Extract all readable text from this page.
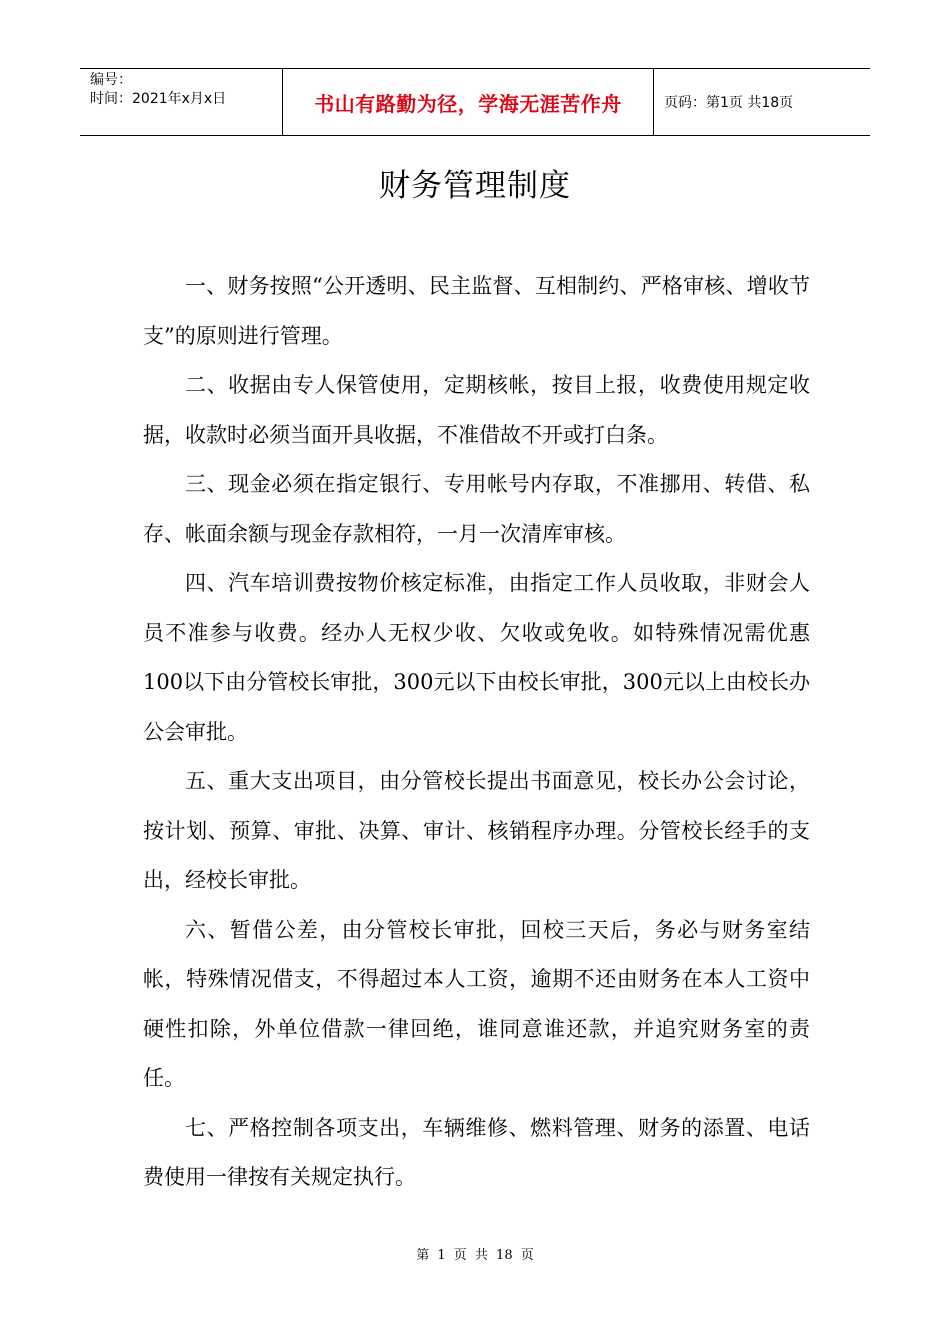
编号：
时间：2021年x月x日	书山有路勤为径，学海无涯苦作舟	页码：第1页 共18页
财务管理制度

一、财务按照“公开透明、民主监督、互相制约、严格审核、增收节支”的原则进行管理。

二、收据由专人保管使用，定期核帐，按目上报，收费使用规定收据，收款时必须当面开具收据，不准借故不开或打白条。

三、现金必须在指定银行、专用帐号内存取，不准挪用、转借、私存、帐面余额与现金存款相符，一月一次清库审核。

四、汽车培训费按物价核定标准，由指定工作人员收取，非财会人员不准参与收费。经办人无权少收、欠收或免收。如特殊情况需优惠100以下由分管校长审批，300元以下由校长审批，300元以上由校长办公会审批。

五、重大支出项目，由分管校长提出书面意见，校长办公会讨论，按计划、预算、审批、决算、审计、核销程序办理。分管校长经手的支出，经校长审批。

六、暂借公差，由分管校长审批，回校三天后，务必与财务室结帐，特殊情况借支，不得超过本人工资，逾期不还由财务在本人工资中硬性扣除，外单位借款一律回绝，谁同意谁还款，并追究财务室的责任。

七、严格控制各项支出，车辆维修、燃料管理、财务的添置、电话费使用一律按有关规定执行。

第 1 页 共 18 页
